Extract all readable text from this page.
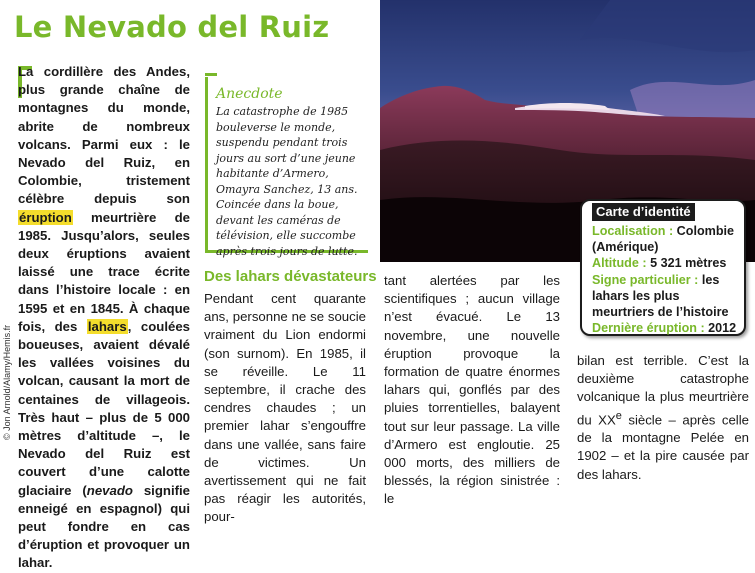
Le Nevado del Ruiz
© Jon Arnold/Alamy/Hemis.fr

La cordillère des Andes, plus grande chaîne de montagnes du monde, abrite de nombreux volcans. Parmi eux : le Nevado del Ruiz, en Colombie, tristement célèbre depuis son éruption meurtrière de 1985. Jusqu’alors, seules deux éruptions avaient laissé une trace écrite dans l’histoire locale : en 1595 et en 1845. À chaque fois, des lahars, coulées boueuses, avaient dévalé les vallées voisines du volcan, causant la mort de centaines de villageois. Très haut – plus de 5 000 mètres d’altitude –, le Nevado del Ruiz est couvert d’une calotte glaciaire (nevado signifie enneigé en espagnol) qui peut fondre en cas d’éruption et provoquer un lahar.

Anecdote
La catastrophe de 1985 bouleverse le monde, suspendu pendant trois jours au sort d’une jeune habitante d’Armero, Omayra Sanchez, 13 ans. Coincée dans la boue, devant les caméras de télévision, elle succombe après trois jours de lutte.
Des lahars dévastateurs

Pendant cent quarante ans, personne ne se soucie vraiment du Lion endormi (son surnom). En 1985, il se réveille. Le 11 septembre, il crache des cendres chaudes ; un premier lahar s’engouffre dans une vallée, sans faire de victimes. Un avertissement qui ne fait pas réagir les autorités, pour-

tant alertées par les scientifiques ; aucun village n’est évacué. Le 13 novembre, une nouvelle éruption provoque la formation de quatre énormes lahars qui, gonflés par des pluies torrentielles, balayent tout sur leur passage. La ville d’Armero est engloutie. 25 000 morts, des milliers de blessés, la région sinistrée : le

bilan est terrible. C’est la deuxième catastrophe volcanique la plus meurtrière du XXe siècle – après celle de la montagne Pelée en 1902 – et la pire causée par des lahars.

Carte d’identité

Localisation : Colombie (Amérique)

Altitude : 5 321 mètres

Signe particulier : les lahars les plus meurtriers de l’histoire

Dernière éruption : 2012
